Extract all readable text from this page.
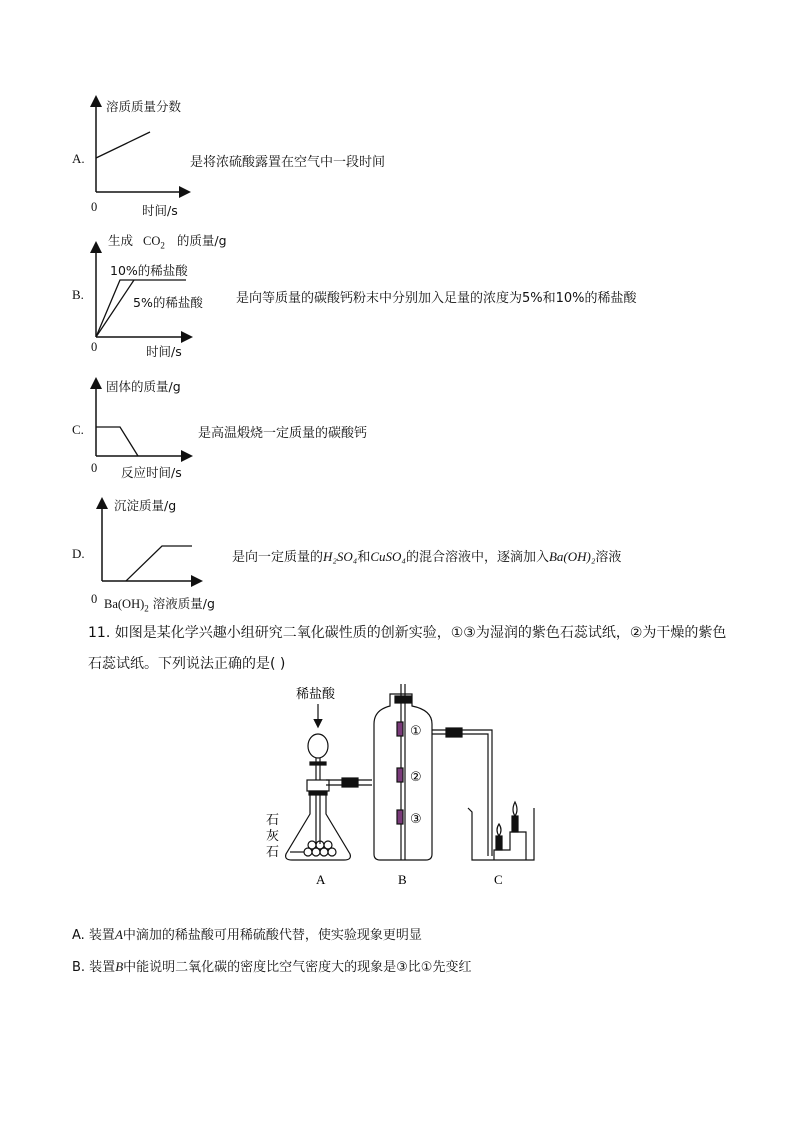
A.
溶质质量分数
0	时间/s
是将浓硫酸露置在空气中一段时间
B.
生成 $CO_2$ 的质量/g
10%的稀盐酸
5%的稀盐酸
0	时间/s
是向等质量的碳酸钙粉末中分别加入足量的浓度为5%和10%的稀盐酸
C.
固体的质量/g
0 反应时间/s
是高温煅烧一定质量的碳酸钙
D.
沉淀质量/g
0 $Ba(OH)_2$ 溶液质量/g
是向一定质量的H₂SO₄和CuSO₄的混合溶液中，逐滴加入Ba(OH)₂溶液
11. 如图是某化学兴趣小组研究二氧化碳性质的创新实验，①③为湿润的紫色石蕊试纸，②为干燥的紫色
石蕊试纸。下列说法正确的是( )
稀盐酸
石
灰
石
①
②
③
A	B	C
A. 装置A中滴加的稀盐酸可用稀硫酸代替，使实验现象更明显
B. 装置B中能说明二氧化碳的密度比空气密度大的现象是③比①先变红
